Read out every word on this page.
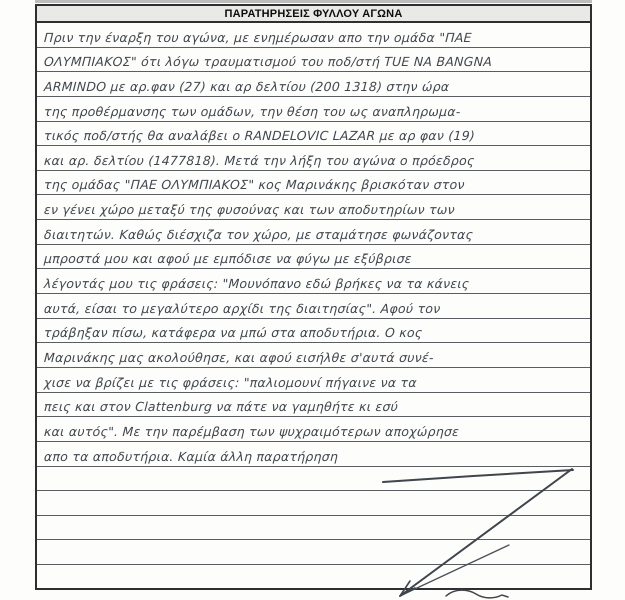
ΠΑΡΑΤΗΡΗΣΕΙΣ ΦΥΛΛΟΥ ΑΓΩΝΑ
Πριν την έναρξη του αγώνα, με ενημέρωσαν απο την ομάδα "ΠΑΕ
ΟΛΥΜΠΙΑΚΟΣ" ότι λόγω τραυματισμού του ποδ/στή TUE NA BANGNA
ARMINDO με αρ.φαν (27) και αρ δελτίου (200 1318) στην ώρα
της προθέρμανσης των ομάδων, την θέση του ως αναπληρωμα-
τικός ποδ/στής θα αναλάβει ο RANDELOVIC LAZAR με αρ φαν (19)
και αρ. δελτίου (1477818). Μετά την λήξη του αγώνα ο πρόεδρος
της ομάδας "ΠΑΕ ΟΛΥΜΠΙΑΚΟΣ" κος Μαρινάκης βρισκόταν στον
εν γένει χώρο μεταξύ της φυσούνας και των αποδυτηρίων των
διαιτητών. Καθώς διέσχιζα τον χώρο, με σταμάτησε φωνάζοντας
μπροστά μου και αφού με εμπόδισε να φύγω με εξύβρισε
λέγοντάς μου τις φράσεις: "Μουνόπανο εδώ βρήκες να τα κάνεις
αυτά, είσαι το μεγαλύτερο αρχίδι της διαιτησίας". Αφού τον
τράβηξαν πίσω, κατάφερα να μπώ στα αποδυτήρια. Ο κος
Μαρινάκης μας ακολούθησε, και αφού εισήλθε σ'αυτά συνέ-
χισε να βρίζει με τις φράσεις: "παλιομουνί πήγαινε να τα
πεις και στον Clattenburg να πάτε να γαμηθήτε κι εσύ
και αυτός". Με την παρέμβαση των ψυχραιμότερων αποχώρησε
απο τα αποδυτήρια. Καμία άλλη παρατήρηση
